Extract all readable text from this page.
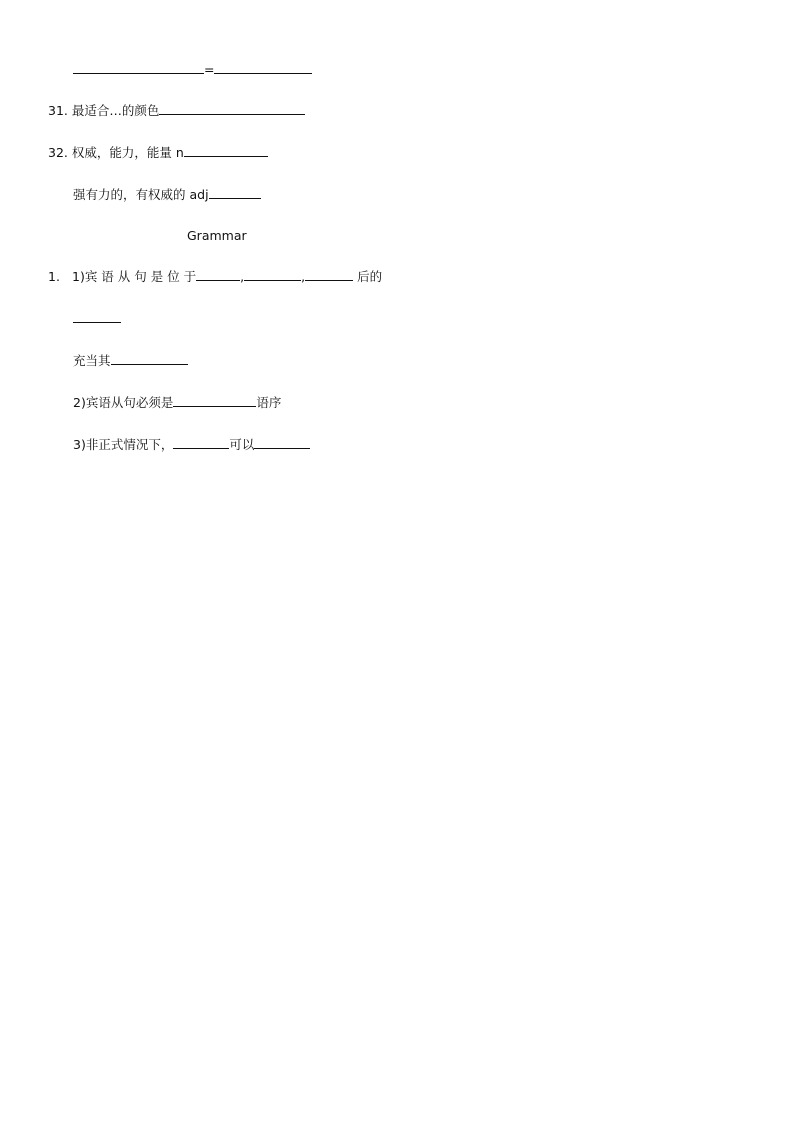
=
31. 最适合…的颜色
32. 权威，能力，能量 n
强有力的，有权威的 adj
Grammar
1. 1)宾 语 从 句 是 位 于	,	,	后的
充当其
2)宾语从句必须是	语序
3)非正式情况下，	可以
